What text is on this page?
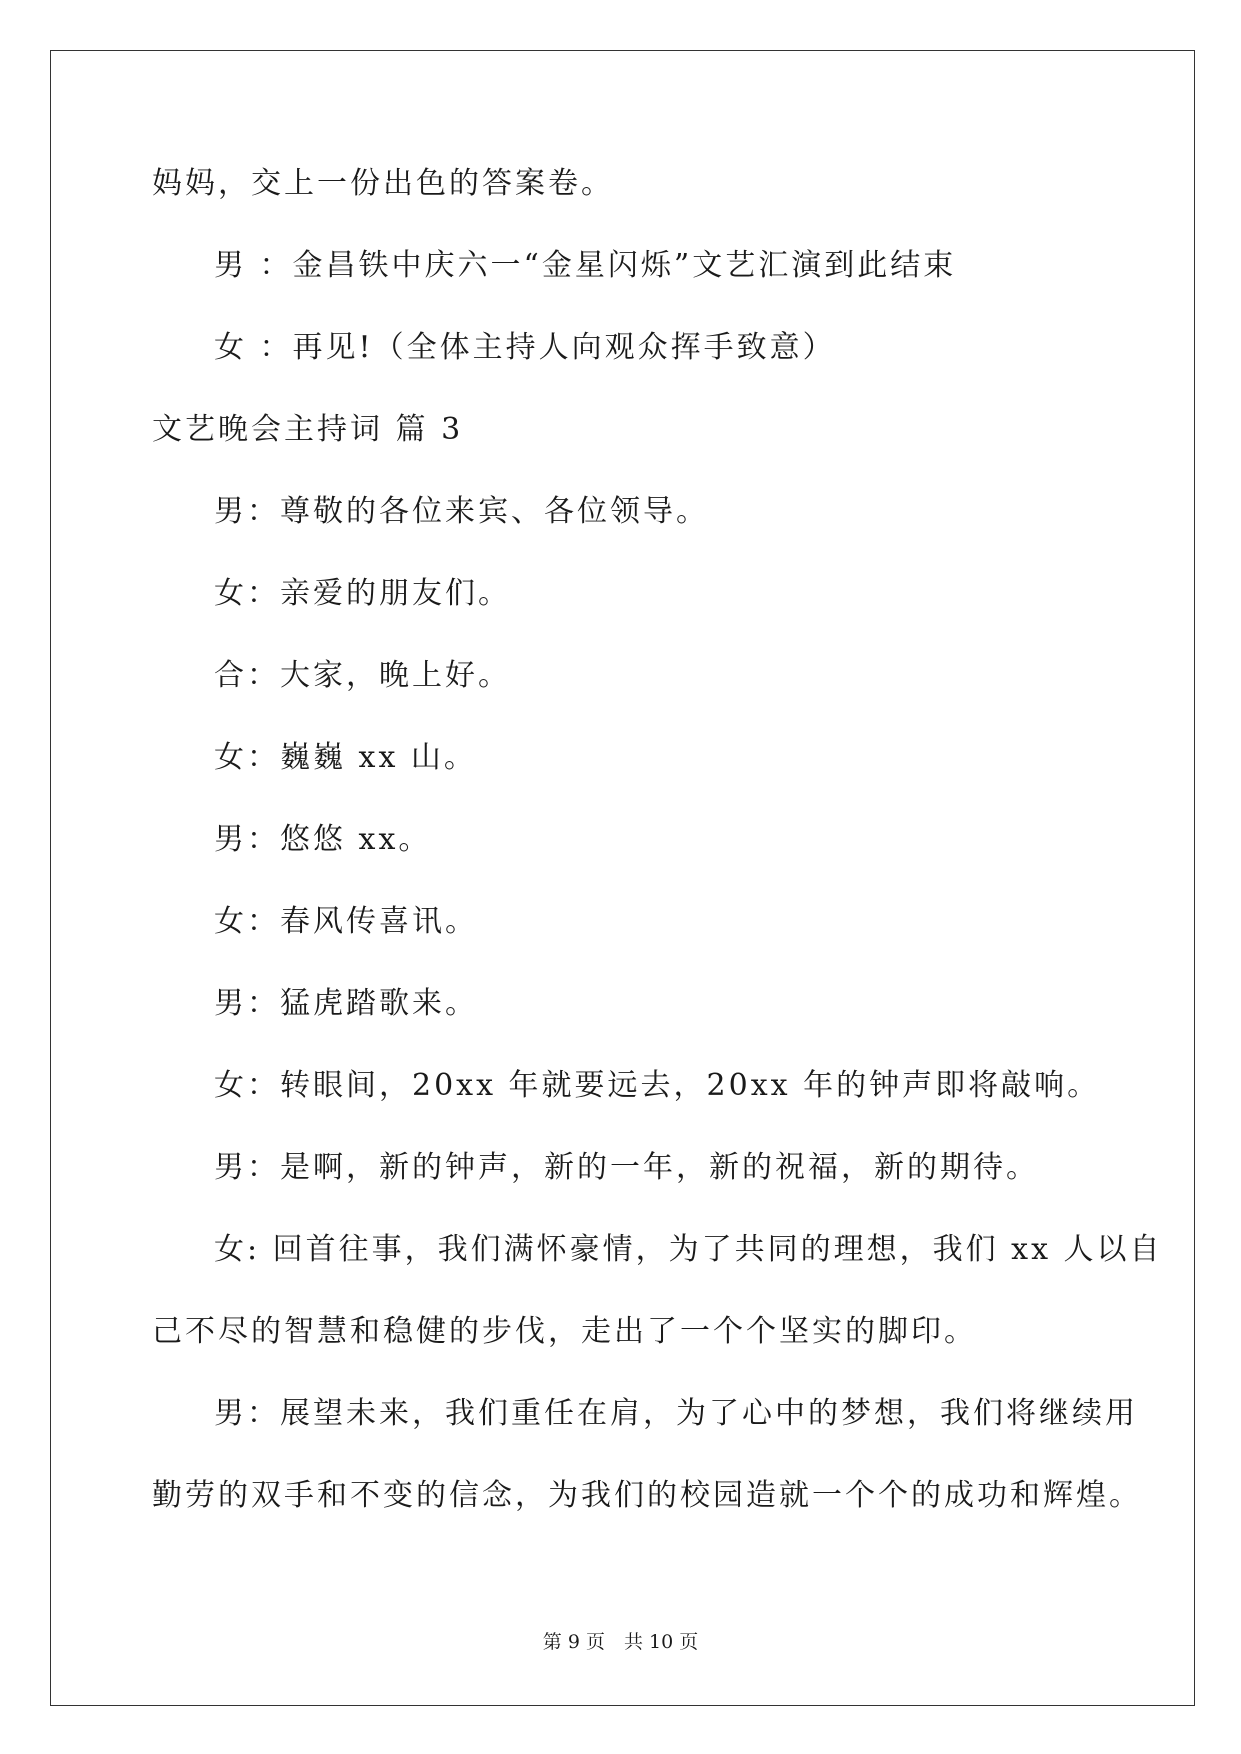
妈妈，交上一份出色的答案卷。
男 ：金昌铁中庆六一“金星闪烁”文艺汇演到此结束
女 ：再见!（全体主持人向观众挥手致意）
文艺晚会主持词 篇 3
男：尊敬的各位来宾、各位领导。
女：亲爱的朋友们。
合：大家，晚上好。
女：巍巍 xx 山。
男：悠悠 xx。
女：春风传喜讯。
男：猛虎踏歌来。
女：转眼间，20xx 年就要远去，20xx 年的钟声即将敲响。
男：是啊，新的钟声，新的一年，新的祝福，新的期待。
女: 回首往事，我们满怀豪情，为了共同的理想，我们 xx 人以自
己不尽的智慧和稳健的步伐，走出了一个个坚实的脚印。
男：展望未来，我们重任在肩，为了心中的梦想，我们将继续用
勤劳的双手和不变的信念，为我们的校园造就一个个的成功和辉煌。
第 9 页　共 10 页
